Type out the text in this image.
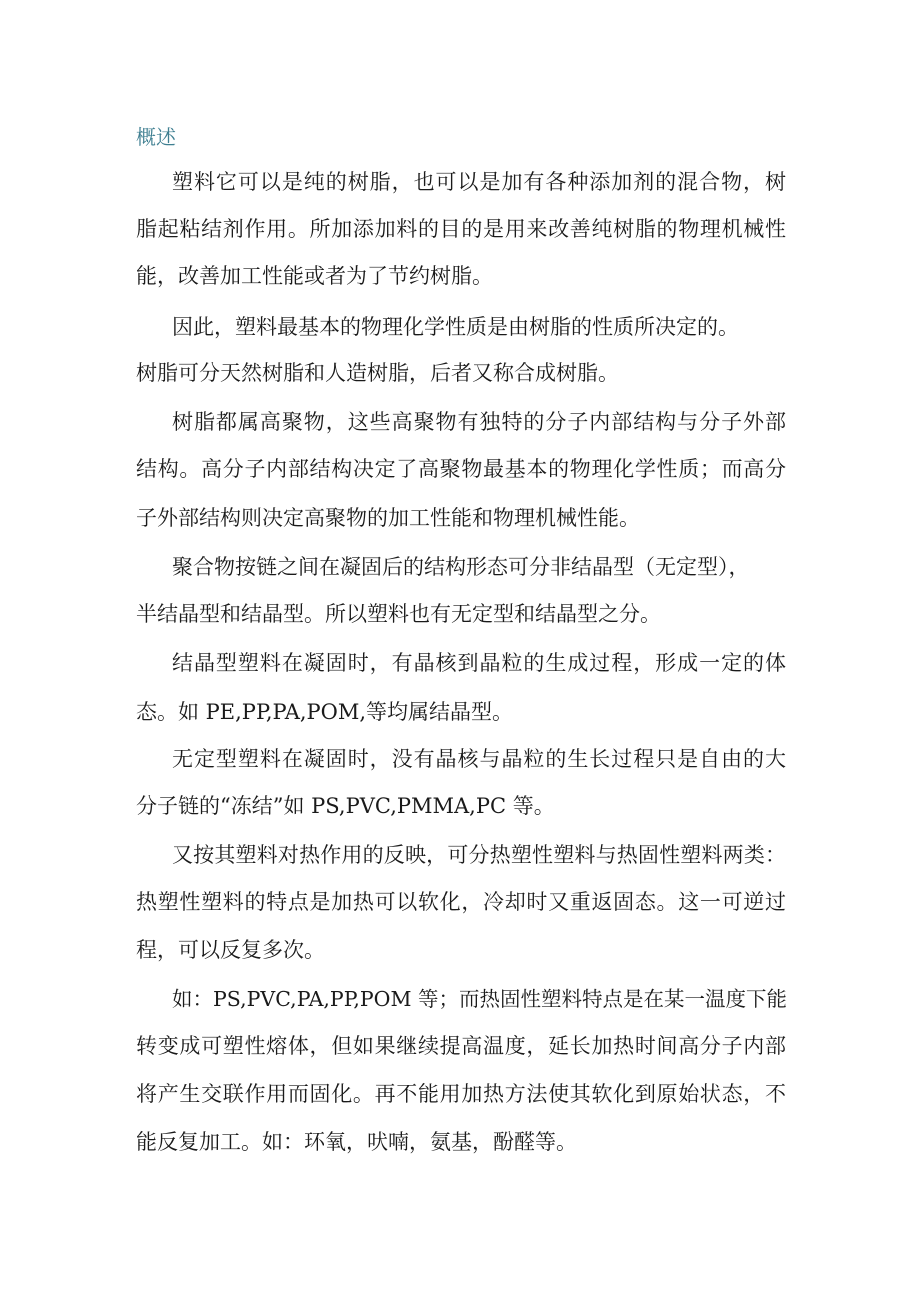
概述
塑料它可以是纯的树脂，也可以是加有各种添加剂的混合物，树
脂起粘结剂作用。所加添加料的目的是用来改善纯树脂的物理机械性
能，改善加工性能或者为了节约树脂。
因此，塑料最基本的物理化学性质是由树脂的性质所决定的。
树脂可分天然树脂和人造树脂，后者又称合成树脂。
树脂都属高聚物，这些高聚物有独特的分子内部结构与分子外部
结构。高分子内部结构决定了高聚物最基本的物理化学性质；而高分
子外部结构则决定高聚物的加工性能和物理机械性能。
聚合物按链之间在凝固后的结构形态可分非结晶型（无定型），
半结晶型和结晶型。所以塑料也有无定型和结晶型之分。
结晶型塑料在凝固时，有晶核到晶粒的生成过程，形成一定的体
态。如 PE,PP,PA,POM,等均属结晶型。
无定型塑料在凝固时，没有晶核与晶粒的生长过程只是自由的大
分子链的“冻结”如 PS,PVC,PMMA,PC 等。
又按其塑料对热作用的反映，可分热塑性塑料与热固性塑料两类：
热塑性塑料的特点是加热可以软化，冷却时又重返固态。这一可逆过
程，可以反复多次。
如：PS,PVC,PA,PP,POM 等；而热固性塑料特点是在某一温度下能
转变成可塑性熔体，但如果继续提高温度，延长加热时间高分子内部
将产生交联作用而固化。再不能用加热方法使其软化到原始状态，不
能反复加工。如：环氧，吠喃，氨基，酚醛等。
